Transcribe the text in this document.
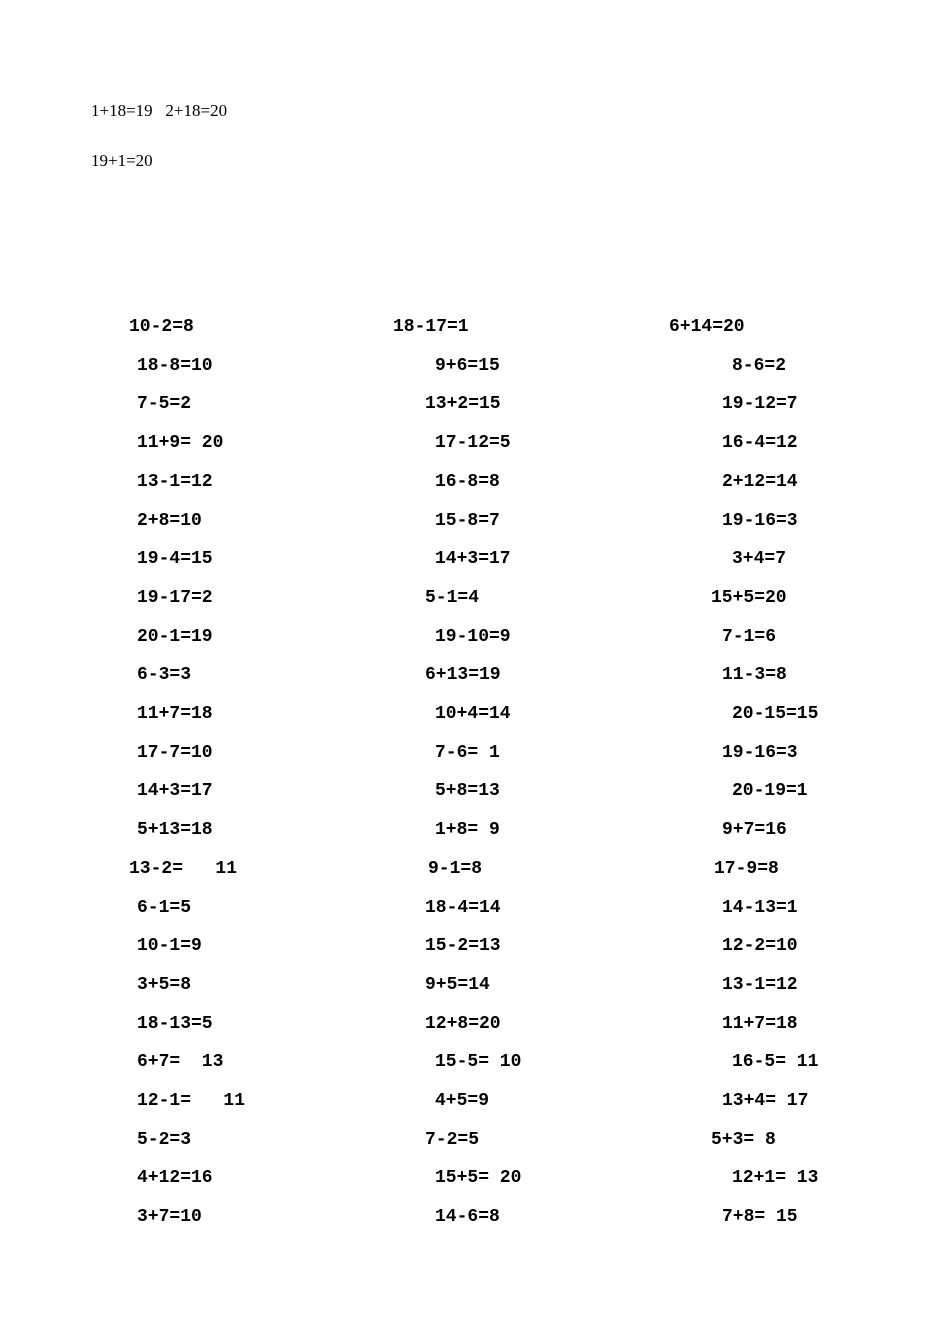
1+18=19   2+18=20
19+1=20
10-2=8
18-8=10
7-5=2
11+9= 20
13-1=12
2+8=10
19-4=15
19-17=2
20-1=19
6-3=3
11+7=18
17-7=10
14+3=17
5+13=18
13-2=   11
6-1=5
10-1=9
3+5=8
18-13=5
6+7=  13
12-1=   11
5-2=3
4+12=16
3+7=10
18-17=1
9+6=15
13+2=15
17-12=5
16-8=8
15-8=7
14+3=17
5-1=4
19-10=9
6+13=19
10+4=14
7-6= 1
5+8=13
1+8= 9
9-1=8
18-4=14
15-2=13
9+5=14
12+8=20
15-5= 10
4+5=9
7-2=5
15+5= 20
14-6=8
6+14=20
8-6=2
19-12=7
16-4=12
2+12=14
19-16=3
3+4=7
15+5=20
7-1=6
11-3=8
20-15=15
19-16=3
20-19=1
9+7=16
17-9=8
14-13=1
12-2=10
13-1=12
11+7=18
16-5= 11
13+4= 17
5+3= 8
12+1= 13
7+8= 15
